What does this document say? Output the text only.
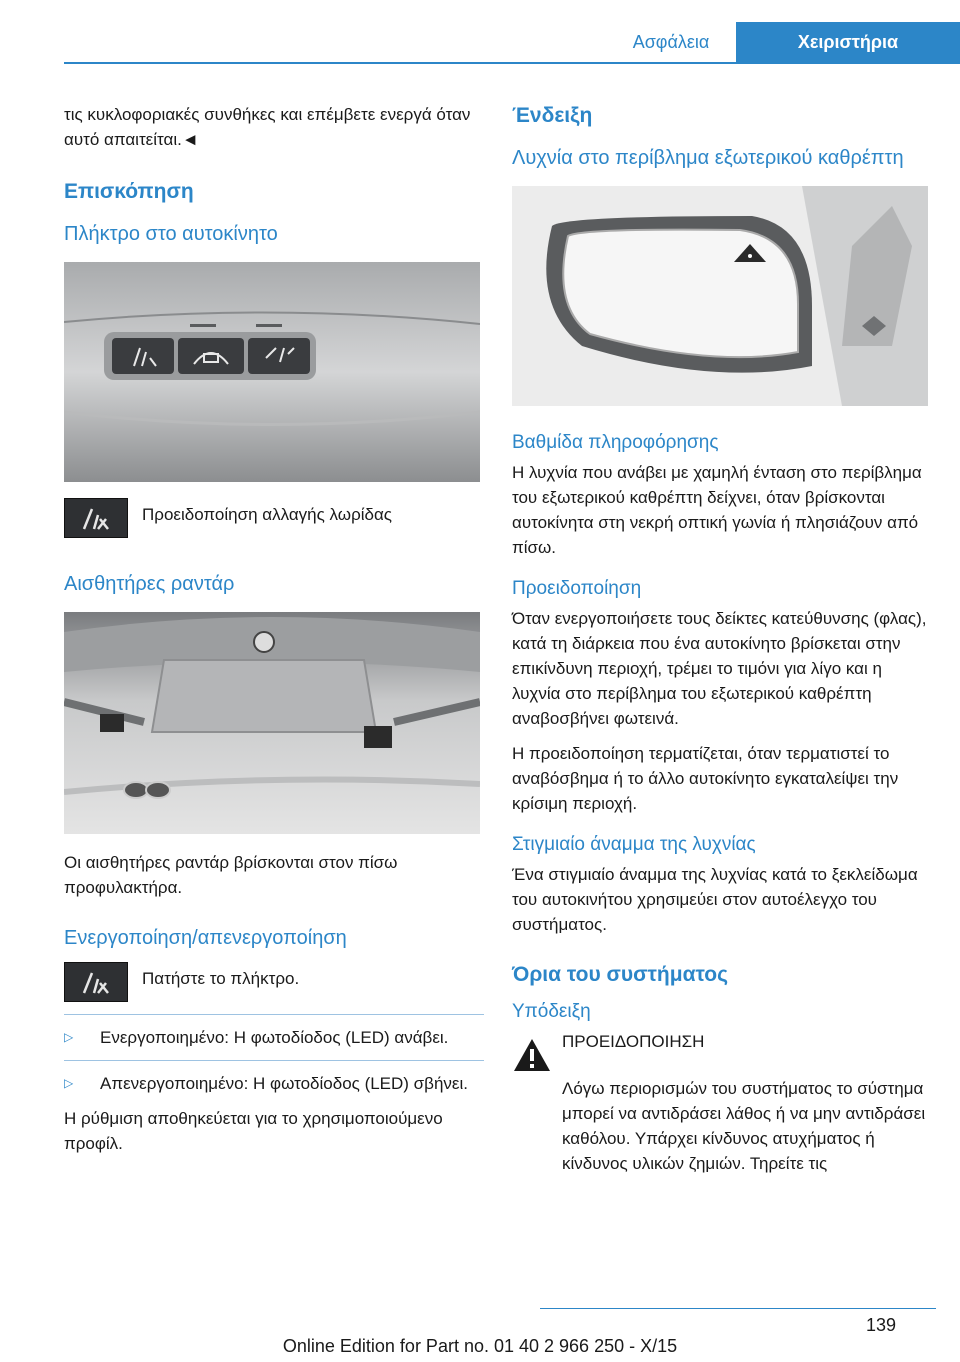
Ασφάλεια	Χειριστήρια

τις κυκλοφοριακές συνθήκες και επέμβετε ενεργά όταν αυτό απαιτείται.◄

Επισκόπηση
Πλήκτρο στο αυτοκίνητο

Προειδοποίηση αλλαγής λωρίδας

Αισθητήρες ραντάρ

Οι αισθητήρες ραντάρ βρίσκονται στον πίσω προφυλακτήρα.

Ενεργοποίηση/απενεργοποίηση

Πατήστε το πλήκτρο.

▷	Ενεργοποιημένο: Η φωτοδίοδος (LED) ανάβει.

▷	Απενεργοποιημένο: Η φωτοδίοδος (LED) σβήνει.

Η ρύθμιση αποθηκεύεται για το χρησιμοποιούμενο προφίλ.

Ένδειξη
Λυχνία στο περίβλημα εξωτερικού καθρέπτη
Βαθμίδα πληροφόρησης

Η λυχνία που ανάβει με χαμηλή ένταση στο περίβλημα του εξωτερικού καθρέπτη δείχνει, όταν βρίσκονται αυτοκίνητα στη νεκρή οπτική γωνία ή πλησιάζουν από πίσω.

Προειδοποίηση

Όταν ενεργοποιήσετε τους δείκτες κατεύθυνσης (φλας), κατά τη διάρκεια που ένα αυτοκίνητο βρίσκεται στην επικίνδυνη περιοχή, τρέμει το τιμόνι για λίγο και η λυχνία στο περίβλημα του εξωτερικού καθρέπτη αναβοσβήνει φωτεινά.

Η προειδοποίηση τερματίζεται, όταν τερματιστεί το αναβόσβημα ή το άλλο αυτοκίνητο εγκαταλείψει την κρίσιμη περιοχή.

Στιγμιαίο άναμμα της λυχνίας

Ένα στιγμιαίο άναμμα της λυχνίας κατά το ξεκλείδωμα του αυτοκινήτου χρησιμεύει στον αυτοέλεγχο του συστήματος.

Όρια του συστήματος
Υπόδειξη

ΠΡΟΕΙΔΟΠΟΙΗΣΗ

Λόγω περιορισμών του συστήματος το σύστημα μπορεί να αντιδράσει λάθος ή να μην αντιδράσει καθόλου. Υπάρχει κίνδυνος ατυχήματος ή κίνδυνος υλικών ζημιών. Τηρείτε τις

139
Online Edition for Part no. 01 40 2 966 250 - X/15
